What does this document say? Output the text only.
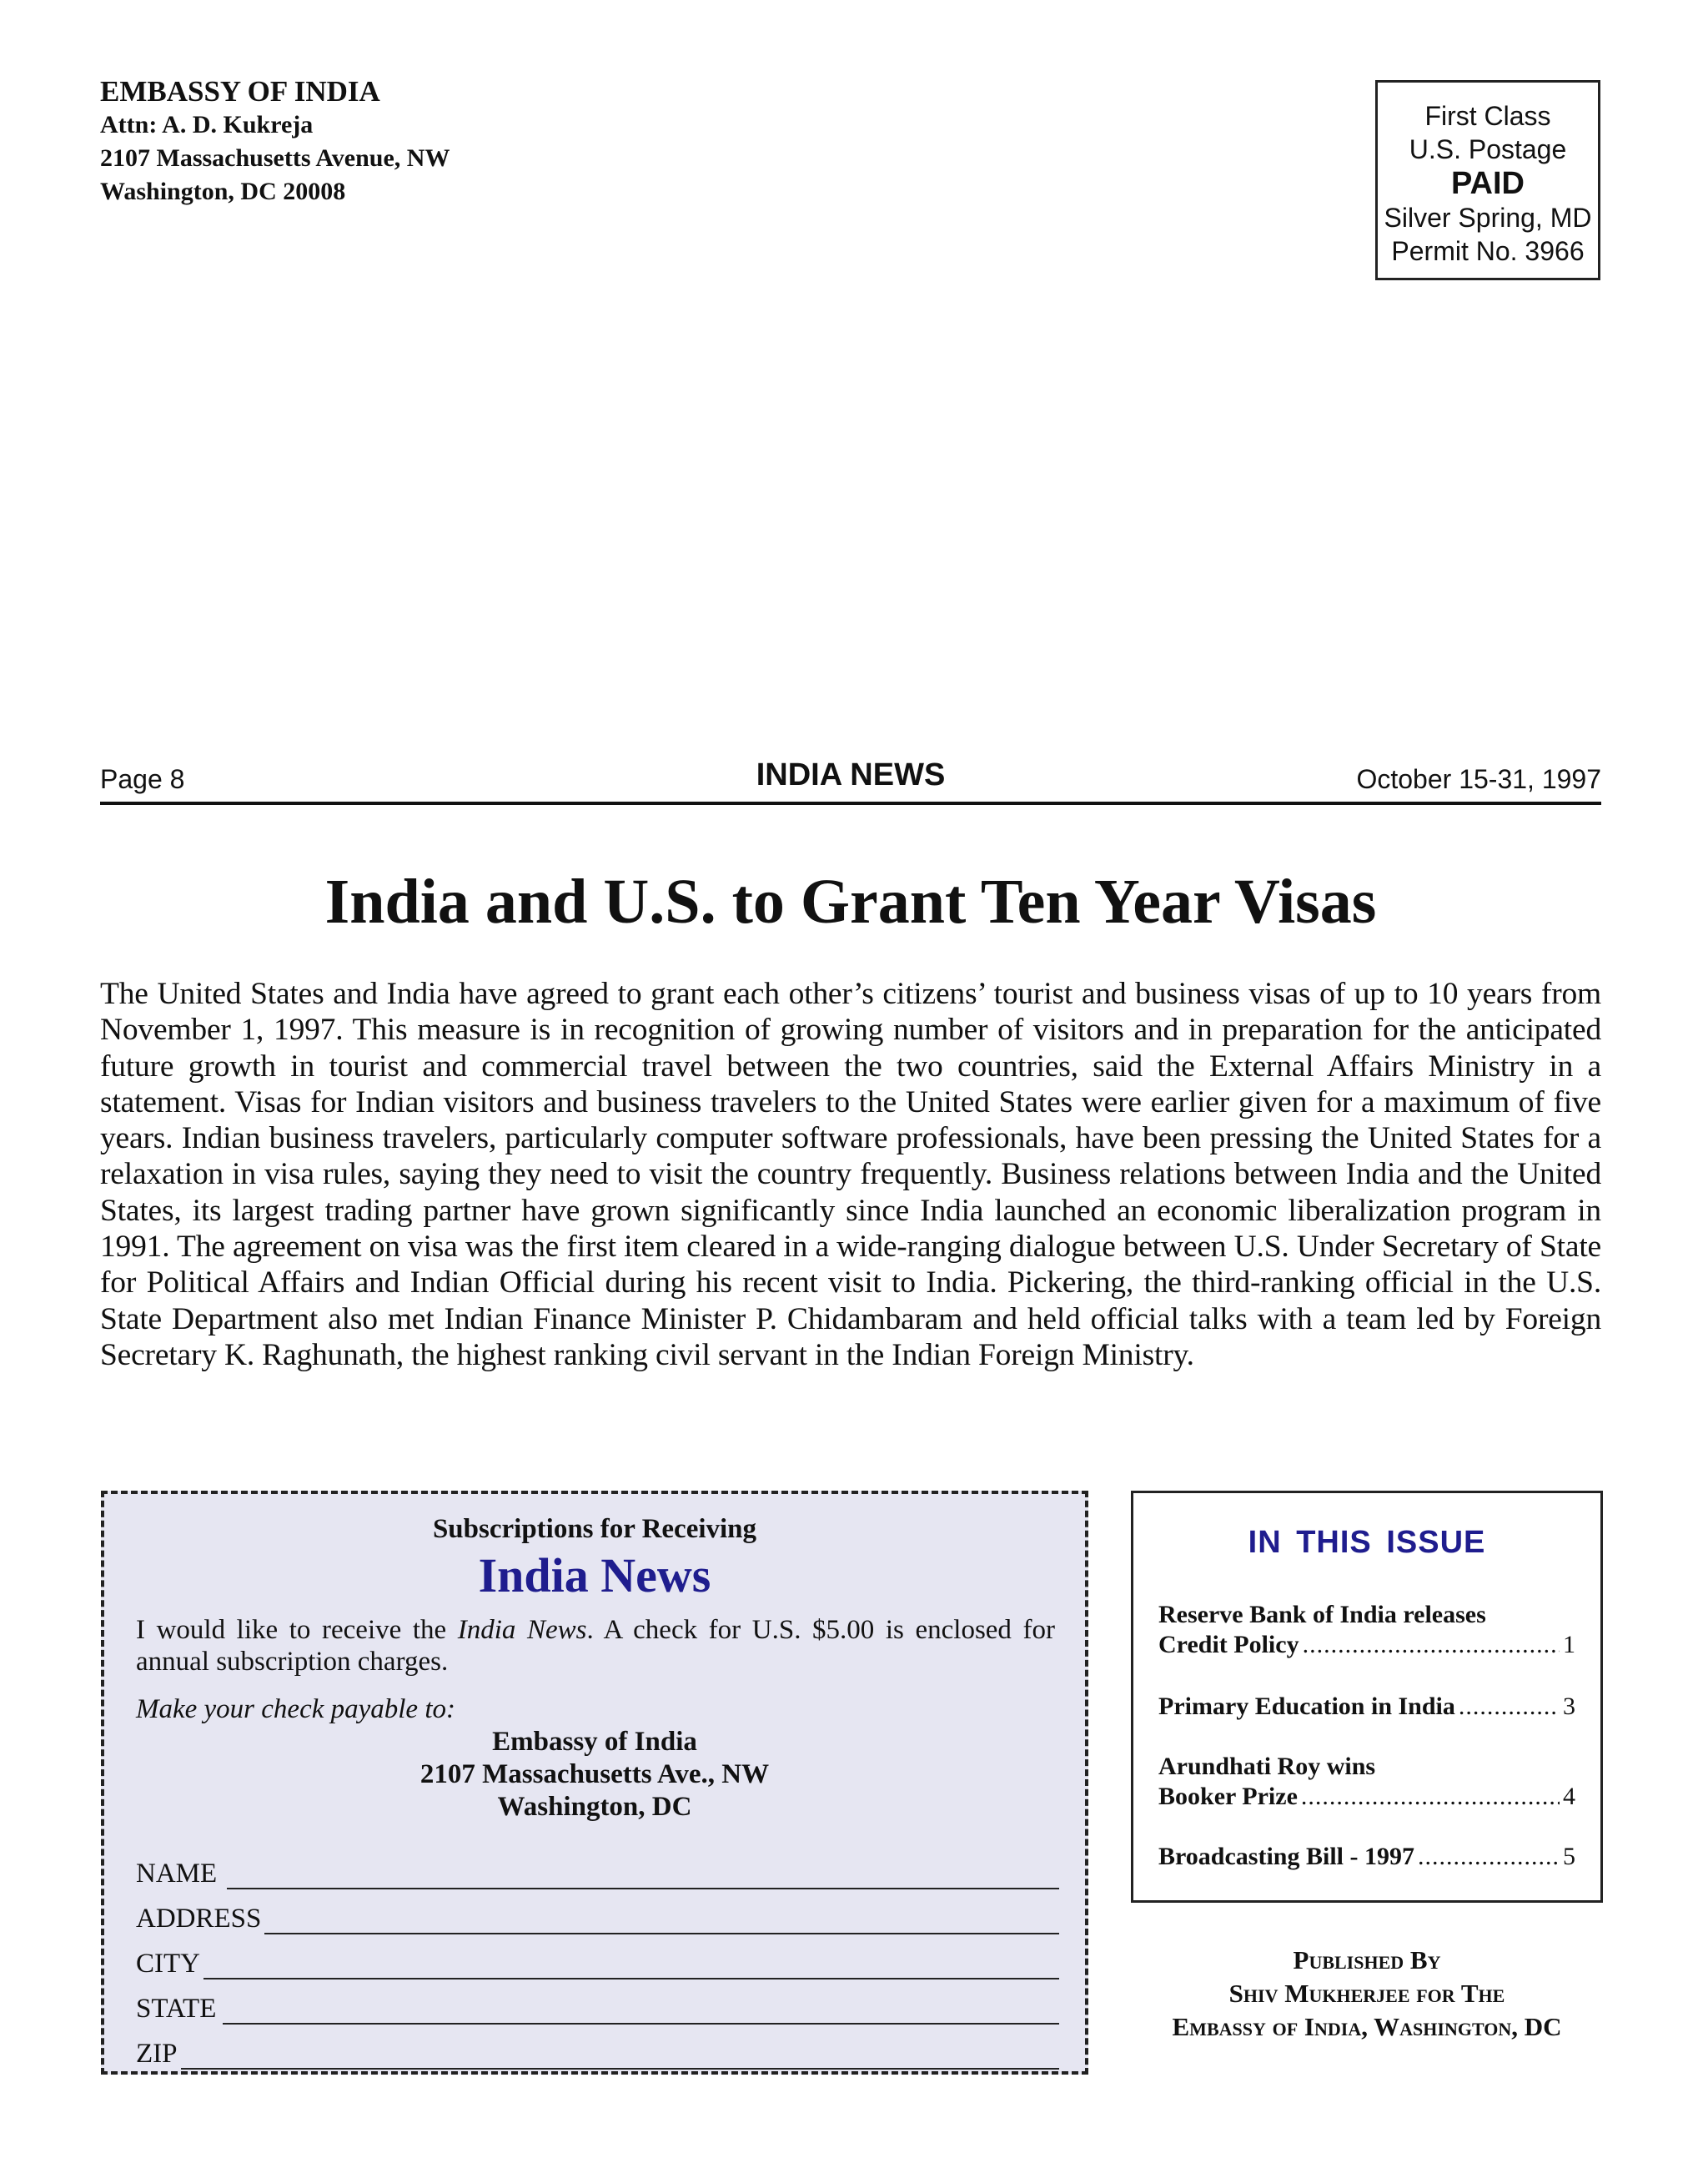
EMBASSY OF INDIA
Attn: A. D. Kukreja
2107 Massachusetts Avenue, NW
Washington, DC 20008
First Class
U.S. Postage
PAID
Silver Spring, MD
Permit No. 3966
Page 8	INDIA NEWS	October 15-31, 1997
India and U.S. to Grant Ten Year Visas

The United States and India have agreed to grant each other’s citizens’ tourist and business visas of up to 10 years from November 1, 1997. This measure is in recognition of growing number of visitors and in preparation for the anticipated future growth in tourist and commercial travel between the two countries, said the External Affairs Ministry in a statement. Visas for Indian visitors and business travelers to the United States were earlier given for a maximum of five years. Indian business travelers, particularly computer software professionals, have been pressing the United States for a relaxation in visa rules, saying they need to visit the country frequently. Business relations between India and the United States, its largest trading partner have grown significantly since India launched an economic liberalization program in 1991. The agreement on visa was the first item cleared in a wide-ranging dialogue between U.S. Under Secretary of State for Political Affairs and Indian Official during his recent visit to India. Pickering, the third-ranking official in the U.S. State Department also met Indian Finance Minister P. Chidambaram and held official talks with a team led by Foreign Secretary K. Raghunath, the highest ranking civil servant in the Indian Foreign Ministry.

Subscriptions for Receiving
India News
I would like to receive the India News. A check for U.S. $5.00 is enclosed for annual subscription charges.
Make your check payable to:
Embassy of India
2107 Massachusetts Ave., NW
Washington, DC
NAME
ADDRESS
CITY
STATE
ZIP
IN THIS ISSUE
Reserve Bank of India releases
Credit Policy .....	1
Primary Education in India .....	3
Arundhati Roy wins
Booker Prize .....	4
Broadcasting Bill - 1997 .....	5
Published By
Shiv Mukherjee for The
Embassy of India, Washington, DC
